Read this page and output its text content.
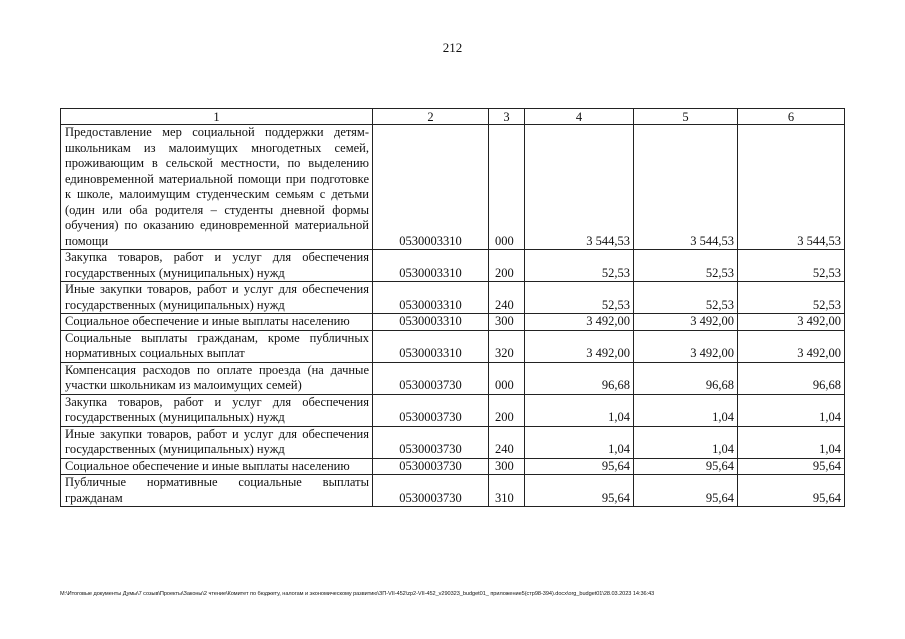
212
1	2	3	4	5	6
Предоставление мер социальной поддержки детям-школьникам из малоимущих многодетных семей, проживающим в сельской местности, по выделению единовременной материальной помощи при подготовке к школе, малоимущим студенческим семьям с детьми (один или оба родителя – студенты дневной формы обучения) по оказанию единовременной материальной помощи	0530003310	000	3 544,53	3 544,53	3 544,53
Закупка товаров, работ и услуг для обеспечения государственных (муниципальных) нужд	0530003310	200	52,53	52,53	52,53
Иные закупки товаров, работ и услуг для обеспечения государственных (муниципальных) нужд	0530003310	240	52,53	52,53	52,53
Социальное обеспечение и иные выплаты населению	0530003310	300	3 492,00	3 492,00	3 492,00
Социальные выплаты гражданам, кроме публичных нормативных социальных выплат	0530003310	320	3 492,00	3 492,00	3 492,00
Компенсация расходов по оплате проезда (на дачные участки школьникам из малоимущих семей)	0530003730	000	96,68	96,68	96,68
Закупка товаров, работ и услуг для обеспечения государственных (муниципальных) нужд	0530003730	200	1,04	1,04	1,04
Иные закупки товаров, работ и услуг для обеспечения государственных (муниципальных) нужд	0530003730	240	1,04	1,04	1,04
Социальное обеспечение и иные выплаты населению	0530003730	300	95,64	95,64	95,64
Публичные нормативные социальные выплаты гражданам	0530003730	310	95,64	95,64	95,64
М:\Итоговые документы Думы\7 созыв\Проекты\Законы\2 чтение\Комитет по бюджету, налогам и экономическому развитию\ЗП-VII-452\zp2-VII-452_v290323_budget01_ приложение5(стр98-394).docx\org_budget01\28.03.2023 14:36:43
